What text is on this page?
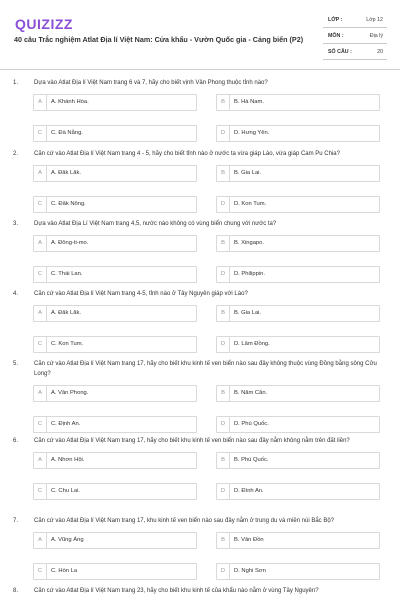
QUIZIZZ
40 câu Trắc nghiệm Atlat Địa lí Việt Nam: Cửa khẩu - Vườn Quốc gia - Cảng biển (P2)
LỚP :	Lớp 12
MÔN :	Địa lý
SỐ CÂU :	20
1.	Dựa vào Atlat Địa lí Việt Nam trang 6 và 7, hãy cho biết vịnh Vân Phong thuộc tỉnh nào?
A	A. Khánh Hòa.	B	B. Hà Nam.
C	C. Đà Nẵng.	D	D. Hưng Yên.
2.	Căn cứ vào Atlat Địa lí Việt Nam trang 4 - 5, hãy cho biết tỉnh nào ở nước ta vừa giáp Lào, vừa giáp Cam Pu Chia?
A	A. Đăk Lăk.	B	B. Gia Lai.
C	C. Đăk Nông.	D	D. Kon Tum.
3.	Dựa vào Atlat Địa Lí Việt Nam trang 4,5, nước nào không có vùng biển chung với nước ta?
A	A. Đông-ti-mo.	B	B. Xingapo.
C	C. Thái Lan.	D	D. Philippin.
4.	Căn cứ vào Atlat Địa lí Việt Nam trang 4-5, tỉnh nào ở Tây Nguyên giáp với Lào?
A	A. Đăk Lăk.	B	B. Gia Lai.
C	C. Kon Tum.	D	D. Lâm Đồng.
5.	Căn cứ vào Atlat Địa lí Việt Nam trang 17, hãy cho biết khu kinh tế ven biển nào sau đây không thuộc vùng Đồng bằng sông Cửu Long?
A	A. Vân Phong.	B	B. Năm Căn.
C	C. Định An.	D	D. Phú Quốc.
6.	Căn cứ vào Atlat Địa lí Việt Nam trang 17, hãy cho biết khu kinh tế ven biển nào sau đây nằm không nằm trên đất liền?
A	A. Nhơn Hội.	B	B. Phú Quốc.
C	C. Chu Lai.	D	D. Đình An.
7.	Căn cứ vào Atlat Địa lí Việt Nam trang 17, khu kinh tế ven biển nào sau đây nằm ở trung du và miền núi Bắc Bộ?
A	A. Vũng Áng	B	B. Vân Đồn
C	C. Hòn La	D	D. Nghi Sơn
8.	Căn cứ vào Atlat Địa lí Việt Nam trang 23, hãy cho biết khu kinh tế của khẩu nào nằm ở vùng Tây Nguyên?
